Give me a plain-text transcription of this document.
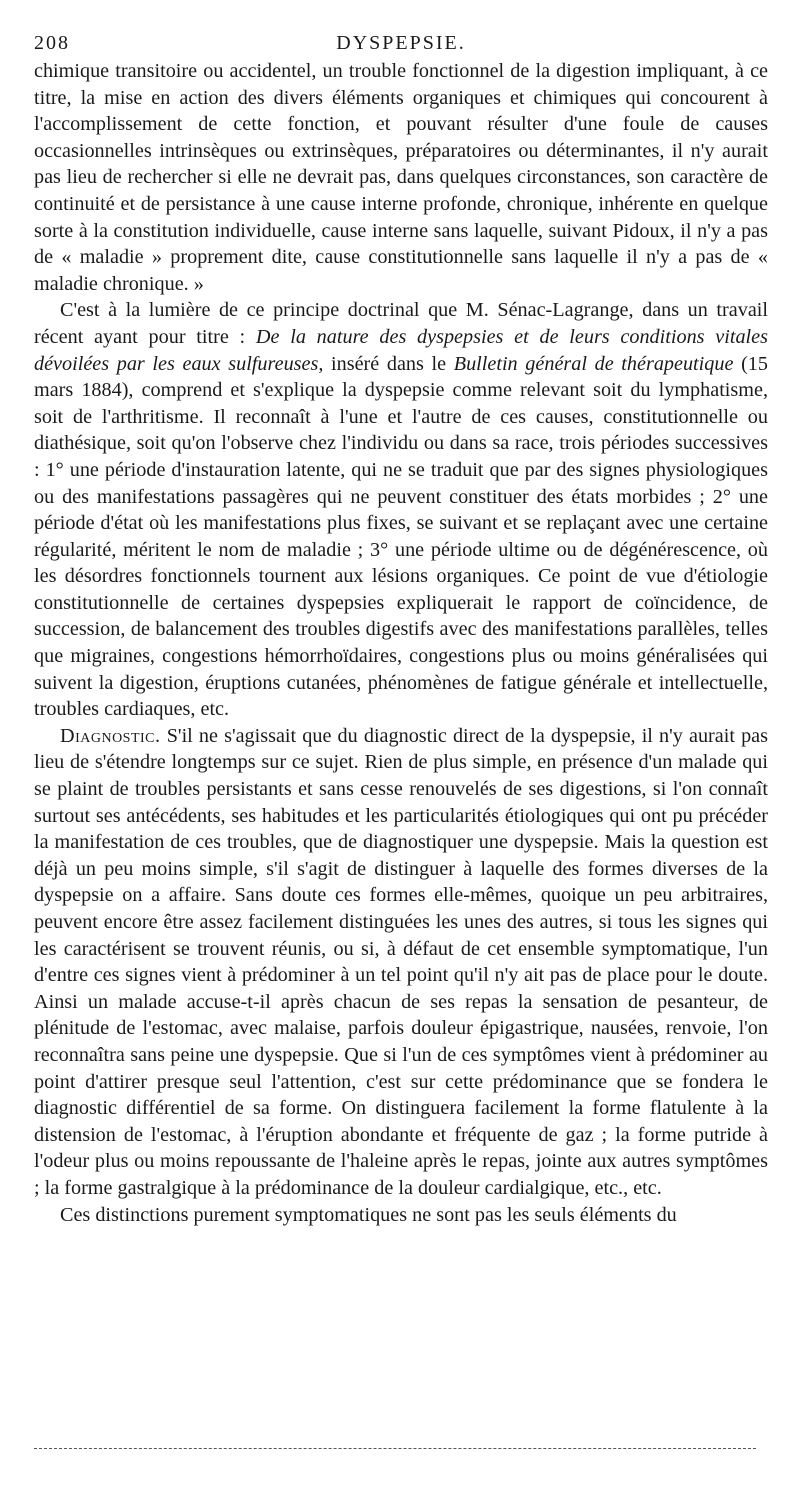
208	DYSPEPSIE.

chimique transitoire ou accidentel, un trouble fonctionnel de la digestion impliquant, à ce titre, la mise en action des divers éléments organiques et chimiques qui concourent à l'accomplissement de cette fonction, et pouvant résulter d'une foule de causes occasionnelles intrinsèques ou extrinsèques, préparatoires ou déterminantes, il n'y aurait pas lieu de rechercher si elle ne devrait pas, dans quelques circonstances, son caractère de continuité et de persistance à une cause interne profonde, chronique, inhérente en quelque sorte à la constitution individuelle, cause interne sans laquelle, suivant Pidoux, il n'y a pas de « maladie » proprement dite, cause constitutionnelle sans laquelle il n'y a pas de « maladie chronique. »

C'est à la lumière de ce principe doctrinal que M. Sénac-Lagrange, dans un travail récent ayant pour titre : De la nature des dyspepsies et de leurs conditions vitales dévoilées par les eaux sulfureuses, inséré dans le Bulletin général de thérapeutique (15 mars 1884), comprend et s'explique la dyspepsie comme relevant soit du lymphatisme, soit de l'arthritisme. Il reconnaît à l'une et l'autre de ces causes, constitutionnelle ou diathésique, soit qu'on l'observe chez l'individu ou dans sa race, trois périodes successives : 1° une période d'instauration latente, qui ne se traduit que par des signes physiologiques ou des manifestations passagères qui ne peuvent constituer des états morbides ; 2° une période d'état où les manifestations plus fixes, se suivant et se replaçant avec une certaine régularité, méritent le nom de maladie ; 3° une période ultime ou de dégénérescence, où les désordres fonctionnels tournent aux lésions organiques. Ce point de vue d'étiologie constitutionnelle de certaines dyspepsies expliquerait le rapport de coïncidence, de succession, de balancement des troubles digestifs avec des manifestations parallèles, telles que migraines, congestions hémorrhoïdaires, congestions plus ou moins généralisées qui suivent la digestion, éruptions cutanées, phénomènes de fatigue générale et intellectuelle, troubles cardiaques, etc.

Diagnostic. S'il ne s'agissait que du diagnostic direct de la dyspepsie, il n'y aurait pas lieu de s'étendre longtemps sur ce sujet. Rien de plus simple, en présence d'un malade qui se plaint de troubles persistants et sans cesse renouvelés de ses digestions, si l'on connaît surtout ses antécédents, ses habitudes et les particularités étiologiques qui ont pu précéder la manifestation de ces troubles, que de diagnostiquer une dyspepsie. Mais la question est déjà un peu moins simple, s'il s'agit de distinguer à laquelle des formes diverses de la dyspepsie on a affaire. Sans doute ces formes elle-mêmes, quoique un peu arbitraires, peuvent encore être assez facilement distinguées les unes des autres, si tous les signes qui les caractérisent se trouvent réunis, ou si, à défaut de cet ensemble symptomatique, l'un d'entre ces signes vient à prédominer à un tel point qu'il n'y ait pas de place pour le doute. Ainsi un malade accuse-t-il après chacun de ses repas la sensation de pesanteur, de plénitude de l'estomac, avec malaise, parfois douleur épigastrique, nausées, renvoie, l'on reconnaîtra sans peine une dyspepsie. Que si l'un de ces symptômes vient à prédominer au point d'attirer presque seul l'attention, c'est sur cette prédominance que se fondera le diagnostic différentiel de sa forme. On distinguera facilement la forme flatulente à la distension de l'estomac, à l'éruption abondante et fréquente de gaz ; la forme putride à l'odeur plus ou moins repoussante de l'haleine après le repas, jointe aux autres symptômes ; la forme gastralgique à la prédominance de la douleur cardialgique, etc., etc.

Ces distinctions purement symptomatiques ne sont pas les seuls éléments du
